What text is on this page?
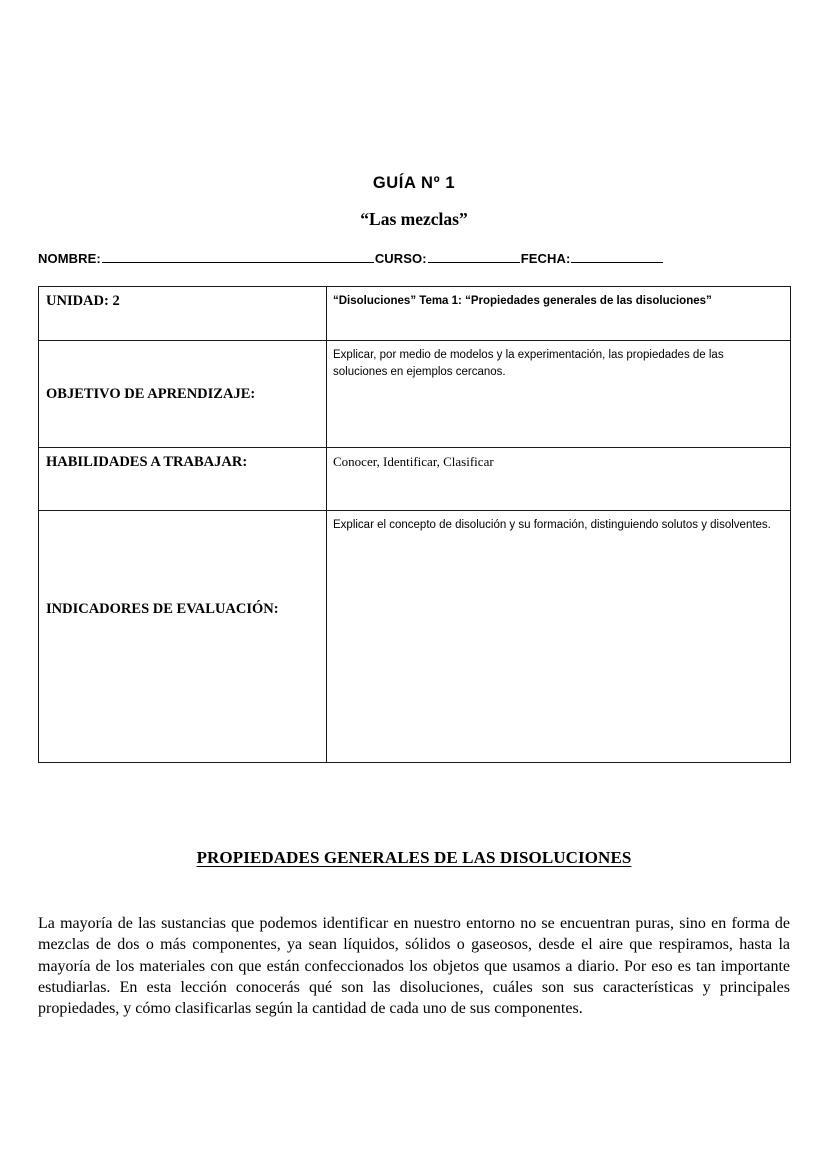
GUÍA Nº 1
“Las mezclas”
NOMBRE:	CURSO:	FECHA:
UNIDAD: 2	“Disoluciones” Tema 1: “Propiedades generales de las disoluciones”

OBJETIVO DE APRENDIZAJE:	Explicar, por medio de modelos y la experimentación, las propiedades de las soluciones en ejemplos cercanos.

HABILIDADES A TRABAJAR:	Conocer, Identificar, Clasificar

INDICADORES DE EVALUACIÓN:	Explicar el concepto de disolución y su formación, distinguiendo solutos y disolventes.
PROPIEDADES GENERALES DE LAS DISOLUCIONES
La mayoría de las sustancias que podemos identificar en nuestro entorno no se encuentran puras, sino en forma de mezclas de dos o más componentes, ya sean líquidos, sólidos o gaseosos, desde el aire que respiramos, hasta la mayoría de los materiales con que están confeccionados los objetos que usamos a diario. Por eso es tan importante estudiarlas. En esta lección conocerás qué son las disoluciones, cuáles son sus características y principales propiedades, y cómo clasificarlas según la cantidad de cada uno de sus componentes.
